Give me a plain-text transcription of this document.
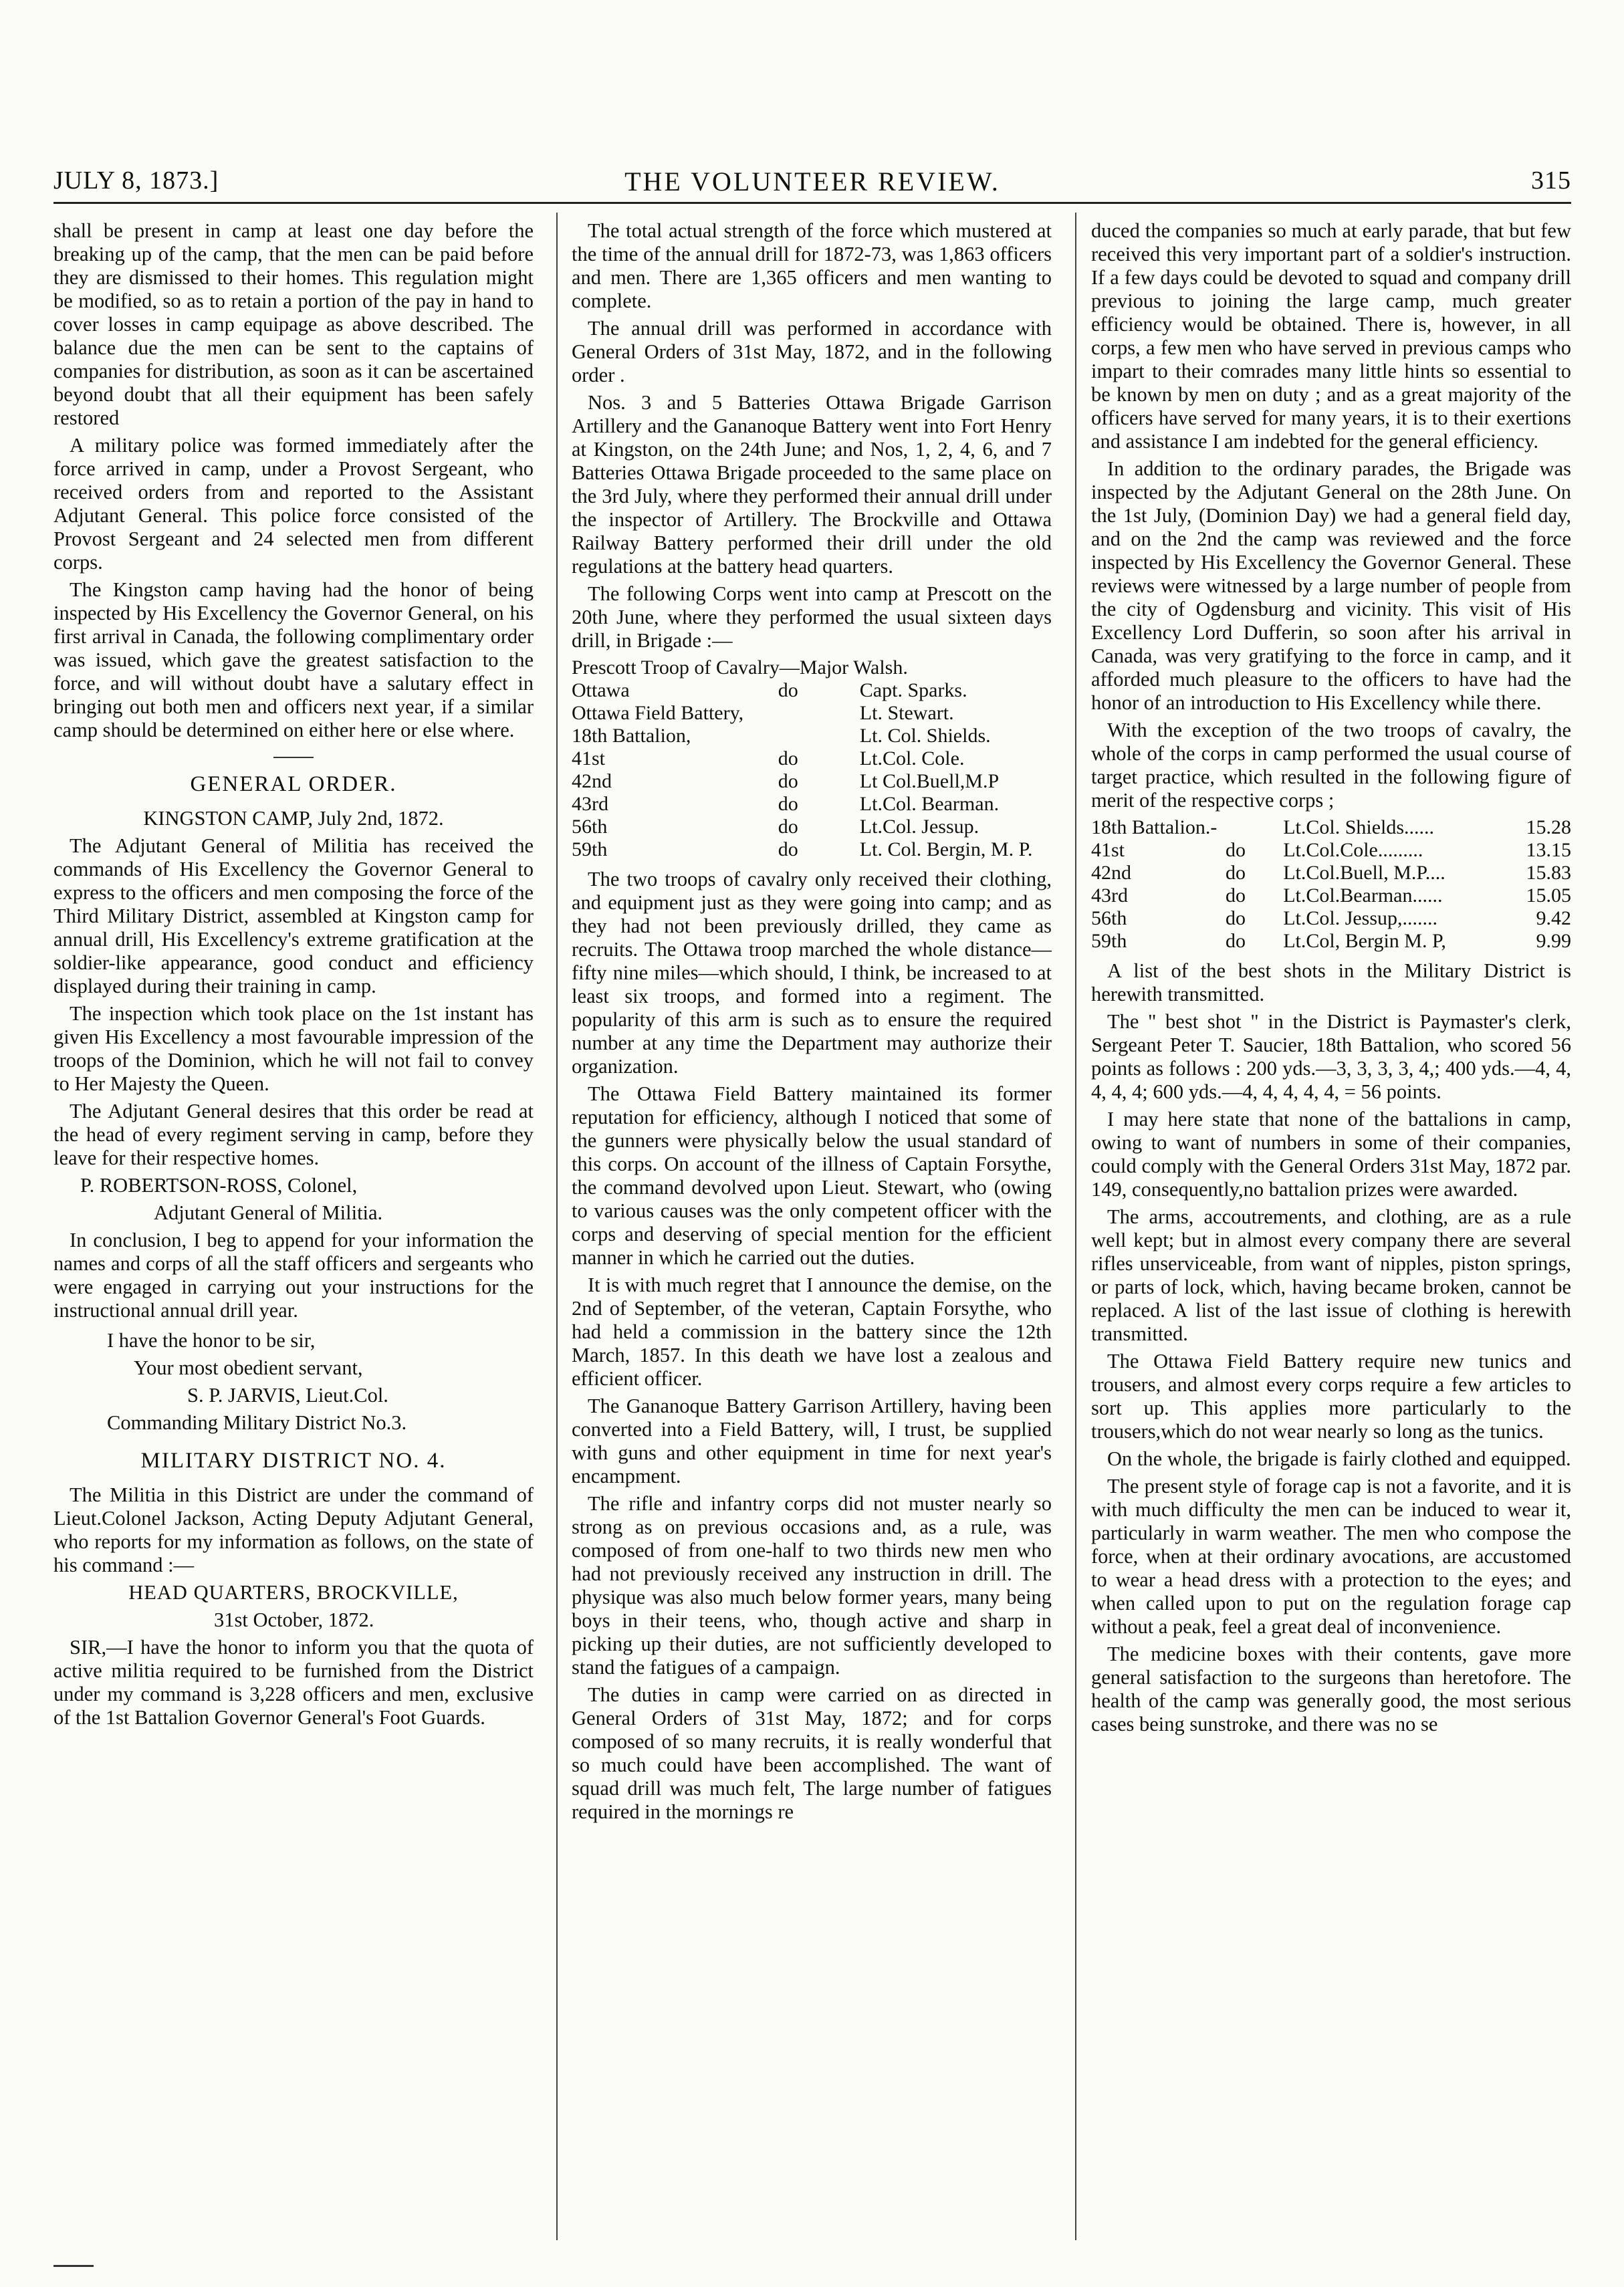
JULY 8, 1873.]	THE VOLUNTEER REVIEW.	315

shall be present in camp at least one day before the breaking up of the camp, that the men can be paid before they are dismissed to their homes. This regulation might be modified, so as to retain a portion of the pay in hand to cover losses in camp equipage as above described. The balance due the men can be sent to the captains of companies for distribution, as soon as it can be ascertained beyond doubt that all their equipment has been safely restored

A military police was formed immediately after the force arrived in camp, under a Provost Sergeant, who received orders from and reported to the Assistant Adjutant General. This police force consisted of the Provost Sergeant and 24 selected men from different corps.

The Kingston camp having had the honor of being inspected by His Excellency the Governor General, on his first arrival in Canada, the following complimentary order was issued, which gave the greatest satisfaction to the force, and will without doubt have a salutary effect in bringing out both men and officers next year, if a similar camp should be determined on either here or else where.

GENERAL ORDER.

KINGSTON CAMP, July 2nd, 1872.

The Adjutant General of Militia has received the commands of His Excellency the Governor General to express to the officers and men composing the force of the Third Military District, assembled at Kingston camp for annual drill, His Excellency's extreme gratification at the soldier-like appearance, good conduct and efficiency displayed during their training in camp.

The inspection which took place on the 1st instant has given His Excellency a most favourable impression of the troops of the Dominion, which he will not fail to convey to Her Majesty the Queen.

The Adjutant General desires that this order be read at the head of every regiment serving in camp, before they leave for their respective homes.

P. ROBERTSON-ROSS, Colonel,

Adjutant General of Militia.

In conclusion, I beg to append for your information the names and corps of all the staff officers and sergeants who were engaged in carrying out your instructions for the instructional annual drill year.

I have the honor to be sir,

Your most obedient servant,

S. P. JARVIS, Lieut.Col.

Commanding Military District No.3.

MILITARY DISTRICT NO. 4.

The Militia in this District are under the command of Lieut.Colonel Jackson, Acting Deputy Adjutant General, who reports for my information as follows, on the state of his command :—

HEAD QUARTERS, BROCKVILLE,

31st October, 1872.

SIR,—I have the honor to inform you that the quota of active militia required to be furnished from the District under my command is 3,228 officers and men, exclusive of the 1st Battalion Governor General's Foot Guards.

The total actual strength of the force which mustered at the time of the annual drill for 1872-73, was 1,863 officers and men. There are 1,365 officers and men wanting to complete.

The annual drill was performed in accordance with General Orders of 31st May, 1872, and in the following order .

Nos. 3 and 5 Batteries Ottawa Brigade Garrison Artillery and the Gananoque Battery went into Fort Henry at Kingston, on the 24th June; and Nos, 1, 2, 4, 6, and 7 Batteries Ottawa Brigade proceeded to the same place on the 3rd July, where they performed their annual drill under the inspector of Artillery. The Brockville and Ottawa Railway Battery performed their drill under the old regulations at the battery head quarters.

The following Corps went into camp at Prescott on the 20th June, where they performed the usual sixteen days drill, in Brigade :—

Prescott Troop of Cavalry—Major Walsh.		
Ottawa	do	Capt. Sparks.
Ottawa Field Battery,		Lt. Stewart.
18th Battalion,		Lt. Col. Shields.
41st	do	Lt.Col. Cole.
42nd	do	Lt Col.Buell,M.P
43rd	do	Lt.Col. Bearman.
56th	do	Lt.Col. Jessup.
59th	do	Lt. Col. Bergin, M. P.

The two troops of cavalry only received their clothing, and equipment just as they were going into camp; and as they had not been previously drilled, they came as recruits. The Ottawa troop marched the whole distance—fifty nine miles—which should, I think, be increased to at least six troops, and formed into a regiment. The popularity of this arm is such as to ensure the required number at any time the Department may authorize their organization.

The Ottawa Field Battery maintained its former reputation for efficiency, although I noticed that some of the gunners were physically below the usual standard of this corps. On account of the illness of Captain Forsythe, the command devolved upon Lieut. Stewart, who (owing to various causes was the only competent officer with the corps and deserving of special mention for the efficient manner in which he carried out the duties.

It is with much regret that I announce the demise, on the 2nd of September, of the veteran, Captain Forsythe, who had held a commission in the battery since the 12th March, 1857. In this death we have lost a zealous and efficient officer.

The Gananoque Battery Garrison Artillery, having been converted into a Field Battery, will, I trust, be supplied with guns and other equipment in time for next year's encampment.

The rifle and infantry corps did not muster nearly so strong as on previous occasions and, as a rule, was composed of from one-half to two thirds new men who had not previously received any instruction in drill. The physique was also much below former years, many being boys in their teens, who, though active and sharp in picking up their duties, are not sufficiently developed to stand the fatigues of a campaign.

The duties in camp were carried on as directed in General Orders of 31st May, 1872; and for corps composed of so many recruits, it is really wonderful that so much could have been accomplished. The want of squad drill was much felt, The large number of fatigues required in the mornings re

duced the companies so much at early parade, that but few received this very important part of a soldier's instruction. If a few days could be devoted to squad and company drill previous to joining the large camp, much greater efficiency would be obtained. There is, however, in all corps, a few men who have served in previous camps who impart to their comrades many little hints so essential to be known by men on duty ; and as a great majority of the officers have served for many years, it is to their exertions and assistance I am indebted for the general efficiency.

In addition to the ordinary parades, the Brigade was inspected by the Adjutant General on the 28th June. On the 1st July, (Dominion Day) we had a general field day, and on the 2nd the camp was reviewed and the force inspected by His Excellency the Governor General. These reviews were witnessed by a large number of people from the city of Ogdensburg and vicinity. This visit of His Excellency Lord Dufferin, so soon after his arrival in Canada, was very gratifying to the force in camp, and it afforded much pleasure to the officers to have had the honor of an introduction to His Excellency while there.

With the exception of the two troops of cavalry, the whole of the corps in camp performed the usual course of target practice, which resulted in the following figure of merit of the respective corps ;

18th Battalion.-		Lt.Col. Shields......	15.28
41st	do	Lt.Col.Cole.........	13.15
42nd	do	Lt.Col.Buell, M.P....	15.83
43rd	do	Lt.Col.Bearman......	15.05
56th	do	Lt.Col. Jessup,.......	9.42
59th	do	Lt.Col, Bergin M. P,	9.99

A list of the best shots in the Military District is herewith transmitted.

The " best shot " in the District is Paymaster's clerk, Sergeant Peter T. Saucier, 18th Battalion, who scored 56 points as follows : 200 yds.—3, 3, 3, 3, 4,; 400 yds.—4, 4, 4, 4, 4; 600 yds.—4, 4, 4, 4, 4, = 56 points.

I may here state that none of the battalions in camp, owing to want of numbers in some of their companies, could comply with the General Orders 31st May, 1872 par. 149, consequently,no battalion prizes were awarded.

The arms, accoutrements, and clothing, are as a rule well kept; but in almost every company there are several rifles unserviceable, from want of nipples, piston springs, or parts of lock, which, having became broken, cannot be replaced. A list of the last issue of clothing is herewith transmitted.

The Ottawa Field Battery require new tunics and trousers, and almost every corps require a few articles to sort up. This applies more particularly to the trousers,which do not wear nearly so long as the tunics.

On the whole, the brigade is fairly clothed and equipped.

The present style of forage cap is not a favorite, and it is with much difficulty the men can be induced to wear it, particularly in warm weather. The men who compose the force, when at their ordinary avocations, are accustomed to wear a head dress with a protection to the eyes; and when called upon to put on the regulation forage cap without a peak, feel a great deal of inconvenience.

The medicine boxes with their contents, gave more general satisfaction to the surgeons than heretofore. The health of the camp was generally good, the most serious cases being sunstroke, and there was no se
